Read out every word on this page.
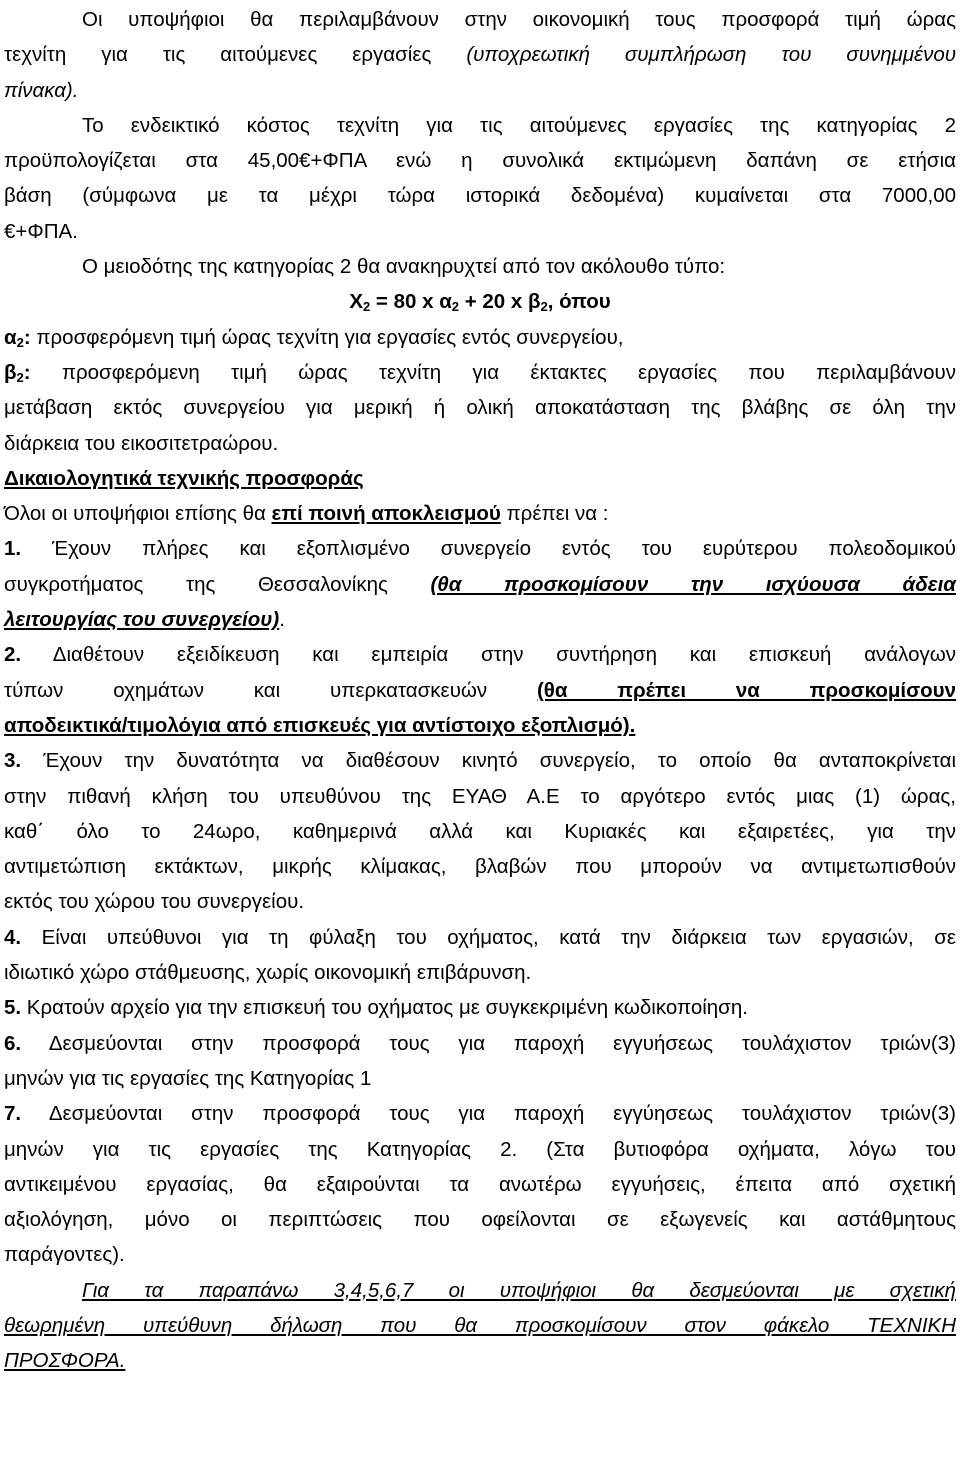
Οι υποψήφιοι θα περιλαμβάνουν στην οικονομική τους προσφορά τιμή ώρας
τεχνίτη για τις αιτούμενες εργασίες (υποχρεωτική συμπλήρωση του συνημμένου
πίνακα).
Το ενδεικτικό κόστος τεχνίτη για τις αιτούμενες εργασίες της κατηγορίας 2
προϋπολογίζεται στα 45,00€+ΦΠΑ ενώ η συνολικά εκτιμώμενη δαπάνη σε ετήσια
βάση (σύμφωνα με τα μέχρι τώρα ιστορικά δεδομένα) κυμαίνεται στα 7000,00
€+ΦΠΑ.
Ο μειοδότης της κατηγορίας 2 θα ανακηρυχτεί από τον ακόλουθο τύπο:
$X_2 = 80$ x $\alpha_2 + 20$ x $\beta_2$, όπου
$\alpha_2$: προσφερόμενη τιμή ώρας τεχνίτη για εργασίες εντός συνεργείου,
$\beta_2$: προσφερόμενη τιμή ώρας τεχνίτη για έκτακτες εργασίες που περιλαμβάνουν
μετάβαση εκτός συνεργείου για μερική ή ολική αποκατάσταση της βλάβης σε όλη την
διάρκεια του εικοσιτετραώρου.
Δικαιολογητικά τεχνικής προσφοράς
Όλοι οι υποψήφιοι επίσης θα επί ποινή αποκλεισμού πρέπει να :
1. Έχουν πλήρες και εξοπλισμένο συνεργείο εντός του ευρύτερου πολεοδομικού
συγκροτήματος της Θεσσαλονίκης (θα προσκομίσουν την ισχύουσα άδεια
λειτουργίας του συνεργείου).
2. Διαθέτουν εξειδίκευση και εμπειρία στην συντήρηση και επισκευή ανάλογων
τύπων οχημάτων και υπερκατασκευών (θα πρέπει να προσκομίσουν
αποδεικτικά/τιμολόγια από επισκευές για αντίστοιχο εξοπλισμό).
3. Έχουν την δυνατότητα να διαθέσουν κινητό συνεργείο, το οποίο θα ανταποκρίνεται
στην πιθανή κλήση του υπευθύνου της ΕΥΑΘ Α.Ε το αργότερο εντός μιας (1) ώρας,
καθ΄ όλο το 24ωρο, καθημερινά αλλά και Κυριακές και εξαιρετέες, για την
αντιμετώπιση εκτάκτων, μικρής κλίμακας, βλαβών που μπορούν να αντιμετωπισθούν
εκτός του χώρου του συνεργείου.
4. Είναι υπεύθυνοι για τη φύλαξη του οχήματος, κατά την διάρκεια των εργασιών, σε
ιδιωτικό χώρο στάθμευσης, χωρίς οικονομική επιβάρυνση.
5. Κρατούν αρχείο για την επισκευή του οχήματος με συγκεκριμένη κωδικοποίηση.
6. Δεσμεύονται στην προσφορά τους για παροχή εγγυήσεως τουλάχιστον τριών(3)
μηνών για τις εργασίες της Κατηγορίας 1
7. Δεσμεύονται στην προσφορά τους για παροχή εγγύησεως τουλάχιστον τριών(3)
μηνών για τις εργασίες της Κατηγορίας 2. (Στα βυτιοφόρα οχήματα, λόγω του
αντικειμένου εργασίας, θα εξαιρούνται τα ανωτέρω εγγυήσεις, έπειτα από σχετική
αξιολόγηση, μόνο οι περιπτώσεις που οφείλονται σε εξωγενείς και αστάθμητους
παράγοντες).
Για τα παραπάνω 3,4,5,6,7 οι υποψήφιοι θα δεσμεύονται με σχετική
θεωρημένη υπεύθυνη δήλωση που θα προσκομίσουν στον φάκελο ΤΕΧΝΙΚΗ
ΠΡΟΣΦΟΡΑ.
